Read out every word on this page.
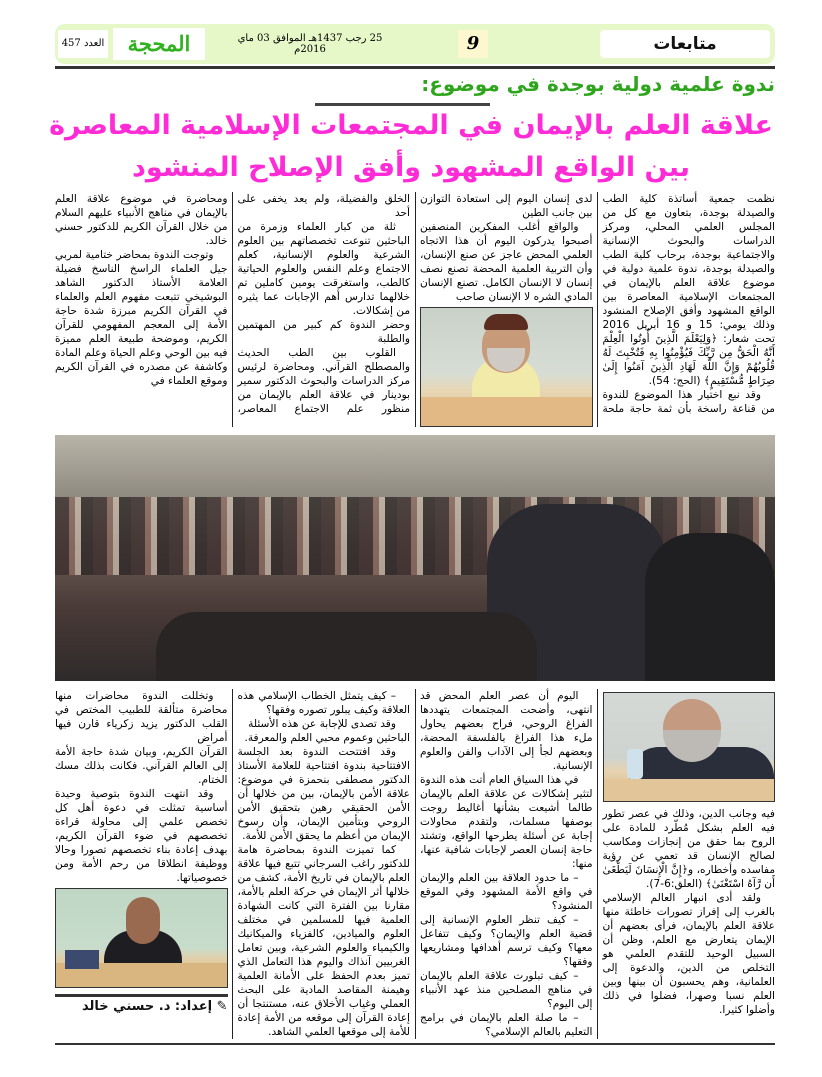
متابعات
9
25 رجب 1437هـ الموافق 03 ماي 2016م
المحجة
العدد 457
ندوة علمية دولية بوجدة في موضوع:
علاقة العلم بالإيمان في المجتمعات الإسلامية المعاصرة
بين الواقع المشهود وأفق الإصلاح المنشود

نظمت جمعية أساتذة كلية الطب والصيدلة بوجدة، بتعاون مع كل من المجلس العلمي المحلي، ومركز الدراسات والبحوث الإنسانية والاجتماعية بوجدة، برحاب كلية الطب والصيدلة بوجدة، ندوة علمية دولية في موضوع علاقة العلم بالإيمان في المجتمعات الإسلامية المعاصرة بين الواقع المشهود وأفق الإصلاح المنشود وذلك يومي: 15 و 16 أبريل 2016 تحت شعار: ﴿وَلِيَعْلَمَ الَّذِينَ أُوتُوا الْعِلْمَ أَنَّهُ الْحَقُّ مِن رَّبِّكَ فَيُؤْمِنُوا بِهِ فَتُخْبِتَ لَهُ قُلُوبُهُمْ وَإِنَّ اللَّهَ لَهَادِ الَّذِينَ آمَنُوا إِلَىٰ صِرَاطٍ مُّسْتَقِيمٍ﴾ (الحج: 54).

وقد نبع اختيار هذا الموضوع للندوة من قناعة راسخة بأن ثمة حاجة ملحة لدى إنسان اليوم إلى استعادة التوازن بين جانب الطين

والواقع أغلب المفكرين المنصفين أصبحوا يدركون اليوم أن هذا الاتجاه العلمي المحض عاجز عن صنع الإنسان، وأن التربية العلمية المحضة تصنع نصف إنسان لا الإنسان الكامل. تصنع الإنسان المادي الشره لا الإنسان صاحب

الخلق والفضيلة، ولم يعد يخفى على أحد

ثلة من كبار العلماء وزمرة من الباحثين تنوعت تخصصاتهم بين العلوم الشرعية والعلوم الإنسانية، كعلم الاجتماع وعلم النفس والعلوم الحياتية كالطب، واستغرقت يومين كاملين تم خلالهما تدارس أهم الإجابات عما يثيره من إشكالات.

وحضر الندوة كم كبير من المهتمين والطلبة

القلوب بين الطب الحديث والمصطلح القرآني. ومحاضرة لرئيس مركز الدراسات والبحوث الدكتور سمير بودينار في علاقة العلم بالإيمان من منظور علم الاجتماع المعاصر، ومحاضرة في موضوع علاقة العلم بالإيمان في مناهج الأنبياء عليهم السلام من خلال القرآن الكريم للدكتور حسني خالد.

وتوجت الندوة بمحاضر ختامية لمربي جيل العلماء الراسخ الناسخ فضيلة العلامة الأستاذ الدكتور الشاهد البوشيخي تتبعت مفهوم العلم والعلماء في القرآن الكريم مبرزة شدة حاجة الأمة إلى المعجم المفهومي للقرآن الكريم، وموضحة طبيعة العلم مميزة فيه بين الوحي وعلم الحياة وعلم المادة وكاشفة عن مصدره في القرآن الكريم وموقع العلماء في

فيه وجانب الدين، وذلك في عصر تطور فيه العلم بشكل مُطّرد للمادة على الروح بما حقق من إنجازات ومكاسب لصالح الإنسان قد تعمي عن رؤية مفاسده وأخطاره، و﴿إِنَّ الْإِنسَانَ لَيَطْغَىٰ أَن رَّآهُ اسْتَغْنَىٰ﴾ (العلق:6-7).

ولقد أدى انبهار العالم الإسلامي بالغرب إلى إفراز تصورات خاطئة منها علاقة العلم بالإيمان، فرأى بعضهم أن الإيمان يتعارض مع العلم، وظن أن السبيل الوحيد للتقدم العلمي هو التخلص من الدين، والدعوة إلى العلمانية، وهم يحسبون أن بينها وبين العلم نسبا وصهرا، فضلوا في ذلك وأضلوا كثيرا.

اليوم أن عصر العلم المحض قد انتهى، وأضحت المجتمعات يتهددها الفراغ الروحي، فراح بعضهم يحاول ملء هذا الفراغ بالفلسفة المحضة، وبعضهم لجأ إلى الآداب والفن والعلوم الإنسانية.

في هذا السياق العام أتت هذه الندوة لتثير إشكالات عن علاقة العلم بالإيمان طالما أشيعت بشأنها أغاليط روجت بوصفها مسلمات، ولتقدم محاولات إجابة عن أسئلة يطرحها الواقع، وتشتد حاجة إنسان العصر لإجابات شافية عنها، منها:

– ما حدود العلاقة بين العلم والإيمان في واقع الأمة المشهود وفي الموقع المنشود؟

– كيف تنظر العلوم الإنسانية إلى قضية العلم والإيمان؟ وكيف تتفاعل معها؟ وكيف ترسم أهدافها ومشاريعها وفقها؟

– كيف تبلورت علاقة العلم بالإيمان في مناهج المصلحين منذ عهد الأنبياء إلى اليوم؟

– ما صلة العلم بالإيمان في برامج التعليم بالعالم الإسلامي؟

– كيف يتمثل الخطاب الإسلامي هذه العلاقة وكيف يبلور تصوره وفقها؟

وقد تصدى للإجابة عن هذه الأسئلة

الباحثين وعموم محبي العلم والمعرفة.

وقد افتتحت الندوة بعد الجلسة الافتتاحية بندوة افتتاحية للعلامة الأستاذ الدكتور مصطفى بنحمزة في موضوع: علاقة الأمن بالإيمان، بين من خلالها أن الأمن الحقيقي رهين بتحقيق الأمن الروحي وبتأمين الإيمان، وأن رسوخ الإيمان من أعظم ما يحقق الأمن للأمة.

كما تميزت الندوة بمحاضرة هامة للدكتور راغب السرجاني تتبع فيها علاقة العلم بالإيمان في تاريخ الأمة، كشف من خلالها أثر الإيمان في حركة العلم بالأمة، مقارنا بين الفترة التي كانت الشهادة العلمية فيها للمسلمين في مختلف العلوم والميادين، كالفزياء والميكانيك والكيمياء والعلوم الشرعية، وبين تعامل الغربيين آنذاك واليوم هذا التعامل الذي تميز بعدم الحفظ على الأمانة العلمية وهيمنة المقاصد المادية على البحث العملي وغياب الأخلاق عنه، مستنتجا أن إعادة القرآن إلى موقعه من الأمة إعادة للأمة إلى موقعها العلمي الشاهد.

وتخللت الندوة محاضرات منها محاضرة متألقة للطبيب المختص في القلب الدكتور يزيد زكرياء قارن فيها أمراض

القرآن الكريم، وبيان شدة حاجة الأمة إلى العالم القرآني. فكانت بذلك مسك الختام.

وقد انتهت الندوة بتوصية وحيدة أساسية تمثلت في دعوة أهل كل تخصص علمي إلى محاولة قراءة تخصصهم في ضوء القرآن الكريم، بهدف إعادة بناء تخصصهم تصورا وحالا ووظيفة انطلاقا من رحم الأمة ومن خصوصياتها.

✎ إعداد: د. حسني خالد
